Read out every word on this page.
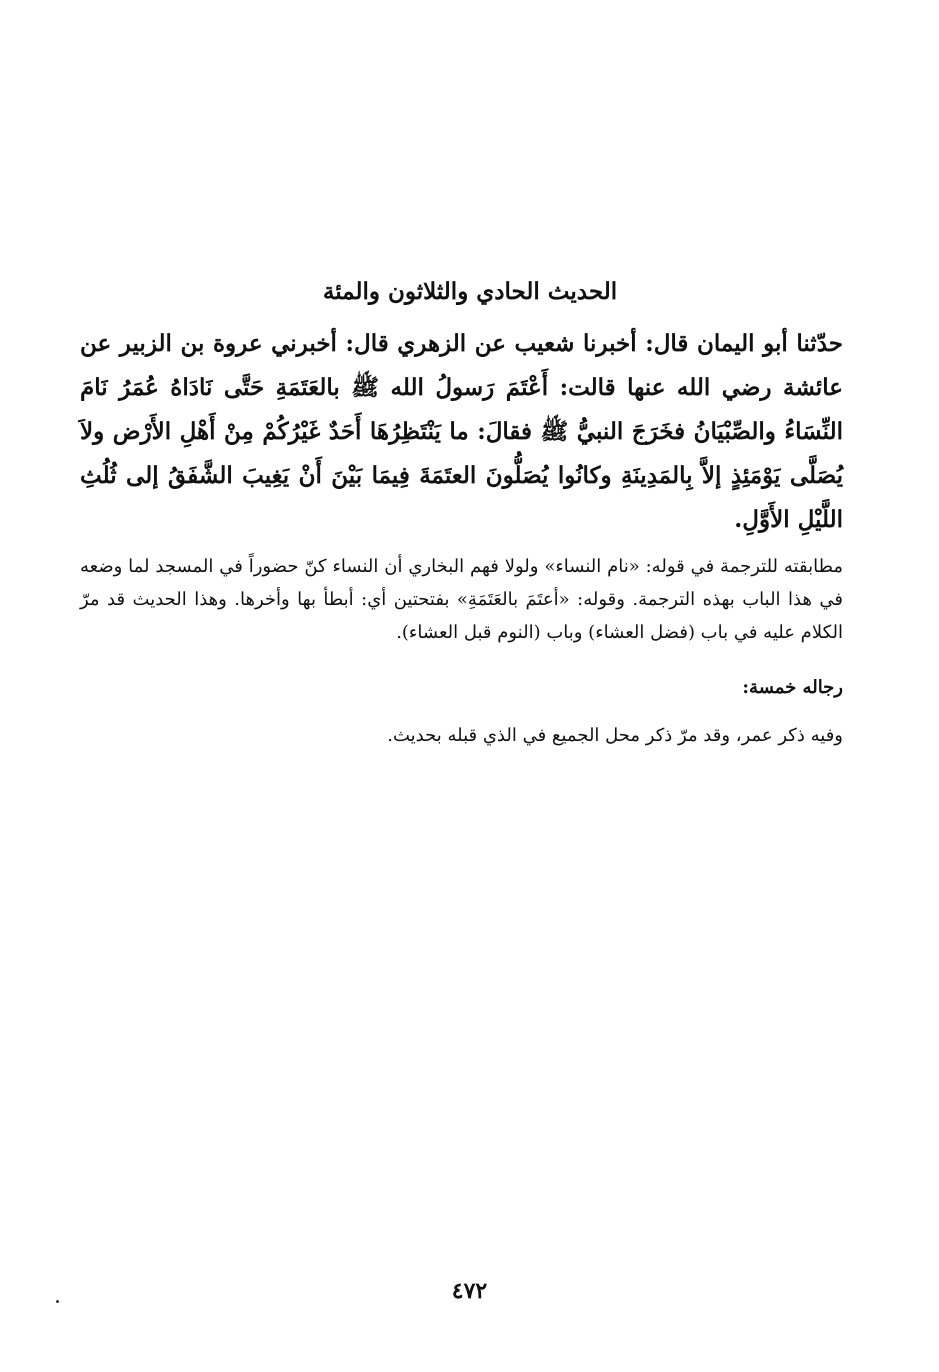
الحديث الحادي والثلاثون والمئة
حدّثنا أبو اليمان قال: أخبرنا شعيب عن الزهري قال: أخبرني عروة بن الزبير عن عائشة رضي الله عنها قالت: أَعْتَمَ رَسولُ الله ﷺ بالعَتَمَةِ حَتَّى نَادَاهُ عُمَرُ نَامَ النِّسَاءُ والصِّبْيَانُ فخَرَجَ النبيُّ ﷺ فقالَ: ما يَنْتَظِرُهَا أَحَدٌ غَيْرُكُمْ مِنْ أَهْلِ الأَرْض ولاَ يُصَلَّى يَوْمَئِذٍ إلاَّ بِالمَدِينَةِ وكانُوا يُصَلُّونَ العتَمَةَ فِيمَا بَيْنَ أَنْ يَغِيبَ الشَّفَقُ إلى ثُلُثِ اللَّيْلِ الأَوَّلِ.
مطابقته للترجمة في قوله: «نام النساء» ولولا فهم البخاري أن النساء كنّ حضوراً في المسجد لما وضعه في هذا الباب بهذه الترجمة. وقوله: «أعتَمَ بالعَتَمَةِ» بفتحتين أي: أبطأ بها وأخرها. وهذا الحديث قد مرّ الكلام عليه في باب (فضل العشاء) وباب (النوم قبل العشاء).
رجاله خمسة:
وفيه ذكر عمر، وقد مرّ ذكر محل الجميع في الذي قبله بحديث.
٤٧٢
